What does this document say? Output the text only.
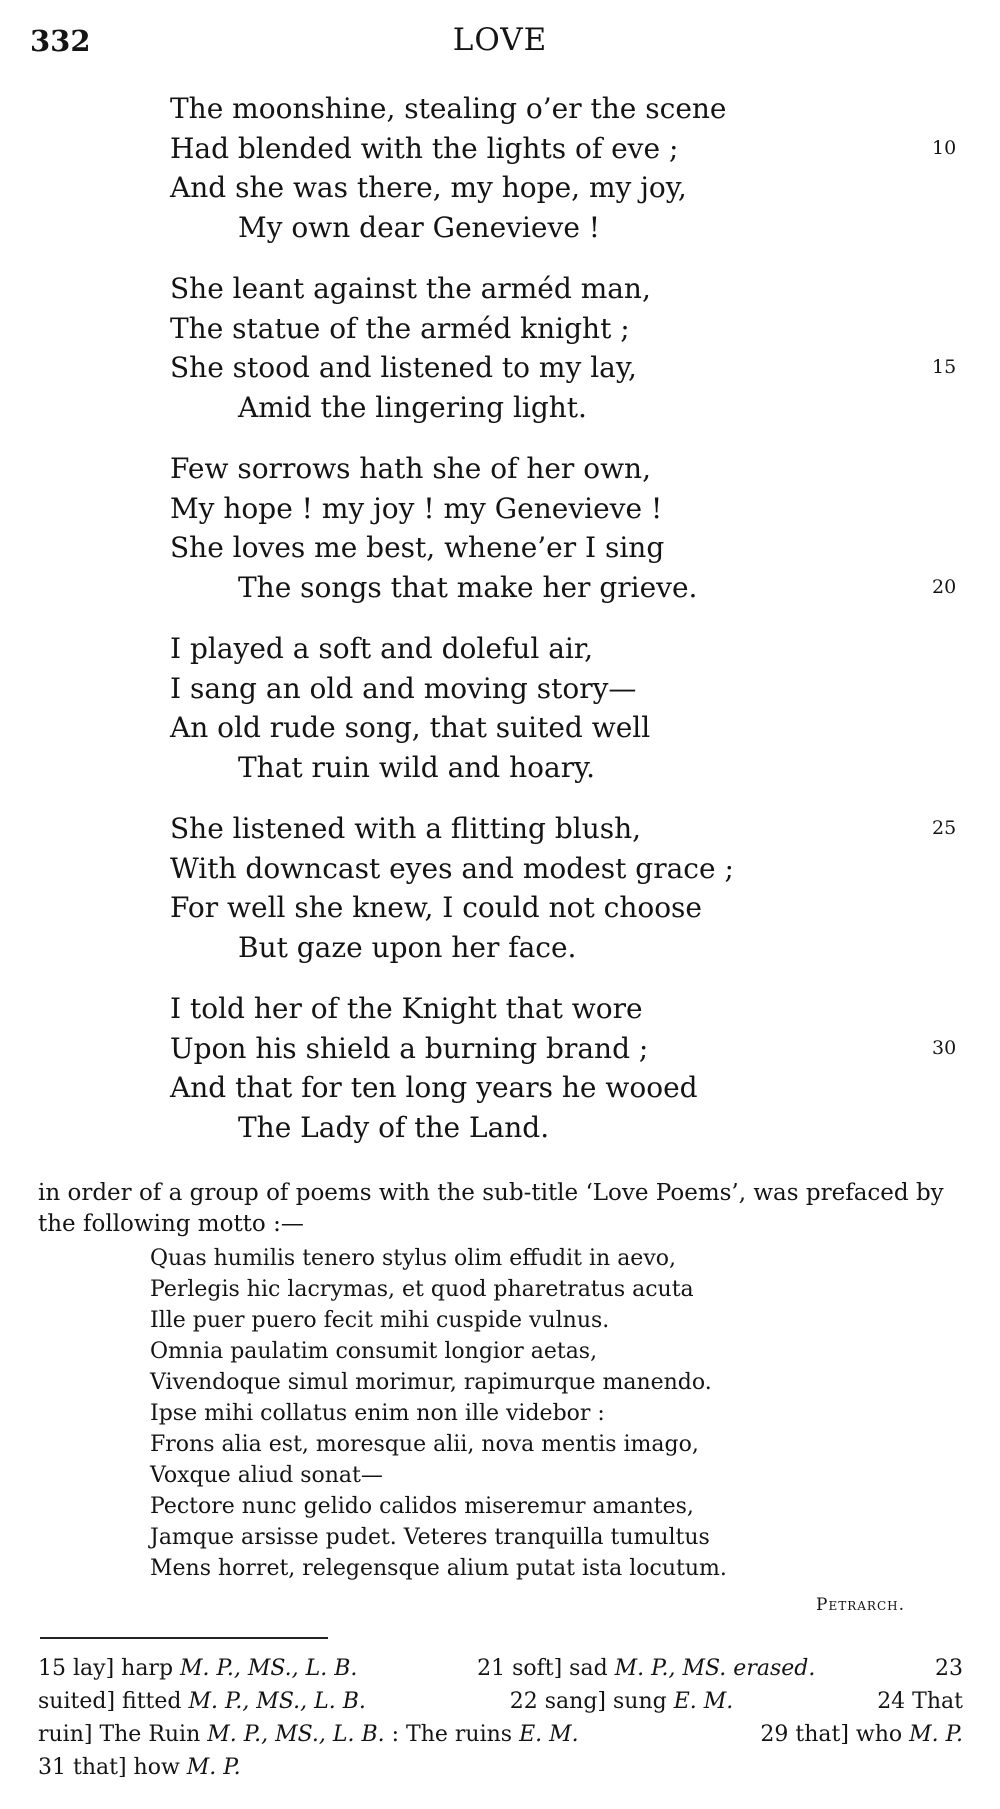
332	LOVE
The moonshine, stealing o’er the scene
Had blended with the lights of eve ;	10
And she was there, my hope, my joy,
My own dear Genevieve !
She leant against the arméd man,
The statue of the arméd knight ;
She stood and listened to my lay,	15
Amid the lingering light.
Few sorrows hath she of her own,
My hope ! my joy ! my Genevieve !
She loves me best, whene’er I sing
The songs that make her grieve.	20
I played a soft and doleful air,
I sang an old and moving story—
An old rude song, that suited well
That ruin wild and hoary.
She listened with a flitting blush,	25
With downcast eyes and modest grace ;
For well she knew, I could not choose
But gaze upon her face.
I told her of the Knight that wore
Upon his shield a burning brand ;	30
And that for ten long years he wooed
The Lady of the Land.
in order of a group of poems with the sub-title ‘Love Poems’, was prefaced by the following motto :—
Quas humilis tenero stylus olim effudit in aevo,
Perlegis hic lacrymas, et quod pharetratus acuta
Ille puer puero fecit mihi cuspide vulnus.
Omnia paulatim consumit longior aetas,
Vivendoque simul morimur, rapimurque manendo.
Ipse mihi collatus enim non ille videbor :
Frons alia est, moresque alii, nova mentis imago,
Voxque aliud sonat—
Pectore nunc gelido calidos miseremur amantes,
Jamque arsisse pudet. Veteres tranquilla tumultus
Mens horret, relegensque alium putat ista locutum.
Petrarch.
15 lay] harp M. P., MS., L. B.	21 soft] sad M. P., MS. erased.	23
suited] fitted M. P., MS., L. B.	22 sang] sung E. M.	24 That
ruin] The Ruin M. P., MS., L. B. : The ruins E. M.	29 that] who M. P.
31 that] how M. P.
